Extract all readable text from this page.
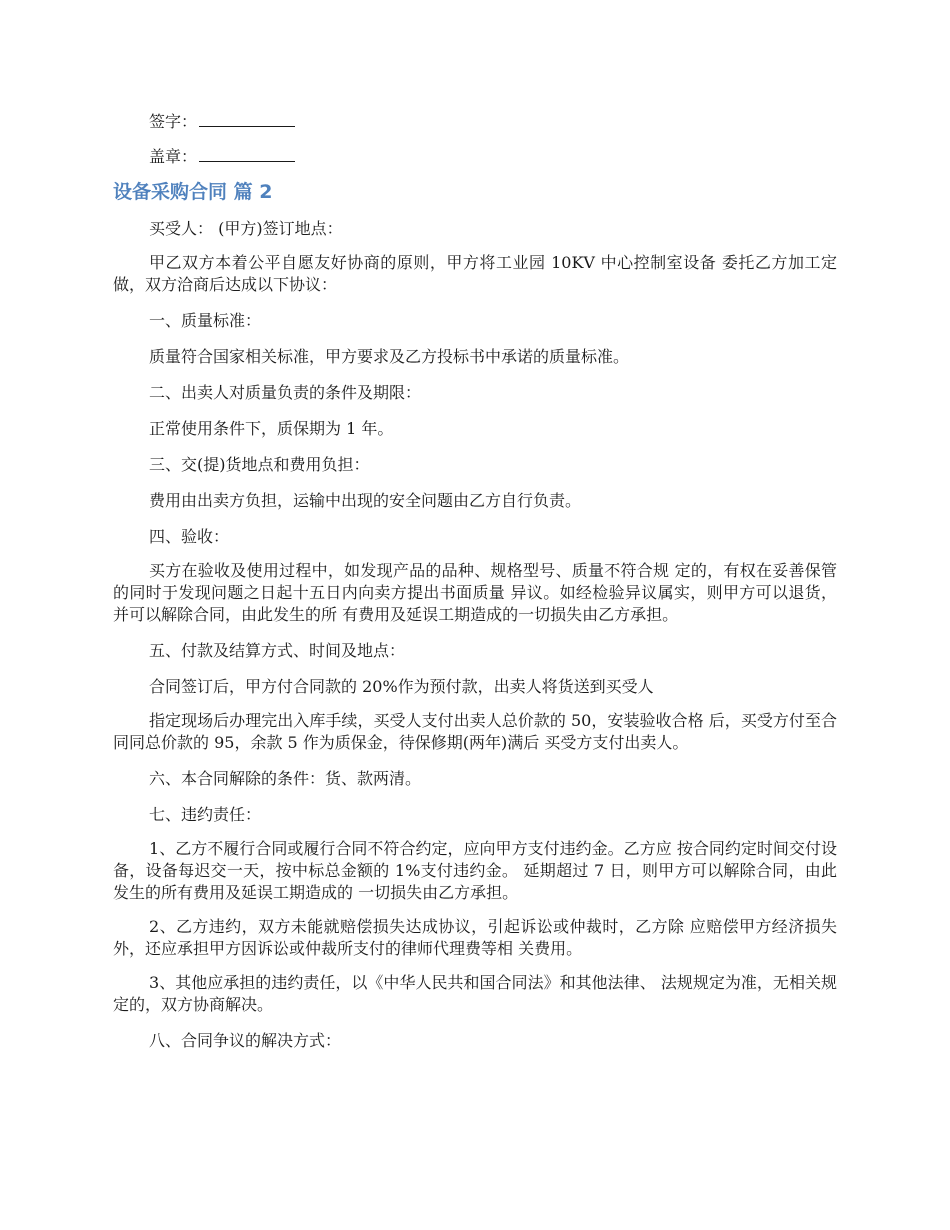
签字：
盖章：
设备采购合同 篇 2

买受人： (甲方)签订地点：

甲乙双方本着公平自愿友好协商的原则，甲方将工业园 10KV 中心控制室设备 委托乙方加工定做，双方洽商后达成以下协议：

一、质量标准：

质量符合国家相关标准，甲方要求及乙方投标书中承诺的质量标准。

二、出卖人对质量负责的条件及期限：

正常使用条件下，质保期为 1 年。

三、交(提)货地点和费用负担：

费用由出卖方负担，运输中出现的安全问题由乙方自行负责。

四、验收：

买方在验收及使用过程中，如发现产品的品种、规格型号、质量不符合规 定的，有权在妥善保管的同时于发现问题之日起十五日内向卖方提出书面质量 异议。如经检验异议属实，则甲方可以退货，并可以解除合同，由此发生的所 有费用及延误工期造成的一切损失由乙方承担。

五、付款及结算方式、时间及地点：

合同签订后，甲方付合同款的 20%作为预付款，出卖人将货送到买受人

指定现场后办理完出入库手续，买受人支付出卖人总价款的 50，安装验收合格 后，买受方付至合同同总价款的 95，余款 5 作为质保金，待保修期(两年)满后 买受方支付出卖人。

六、本合同解除的条件：货、款两清。

七、违约责任：

1、乙方不履行合同或履行合同不符合约定，应向甲方支付违约金。乙方应 按合同约定时间交付设备，设备每迟交一天，按中标总金额的 1%支付违约金。 延期超过 7 日，则甲方可以解除合同，由此发生的所有费用及延误工期造成的 一切损失由乙方承担。

2、乙方违约，双方未能就赔偿损失达成协议，引起诉讼或仲裁时，乙方除 应赔偿甲方经济损失外，还应承担甲方因诉讼或仲裁所支付的律师代理费等相 关费用。

3、其他应承担的违约责任，以《中华人民共和国合同法》和其他法律、 法规规定为准，无相关规定的，双方协商解决。

八、合同争议的解决方式：
